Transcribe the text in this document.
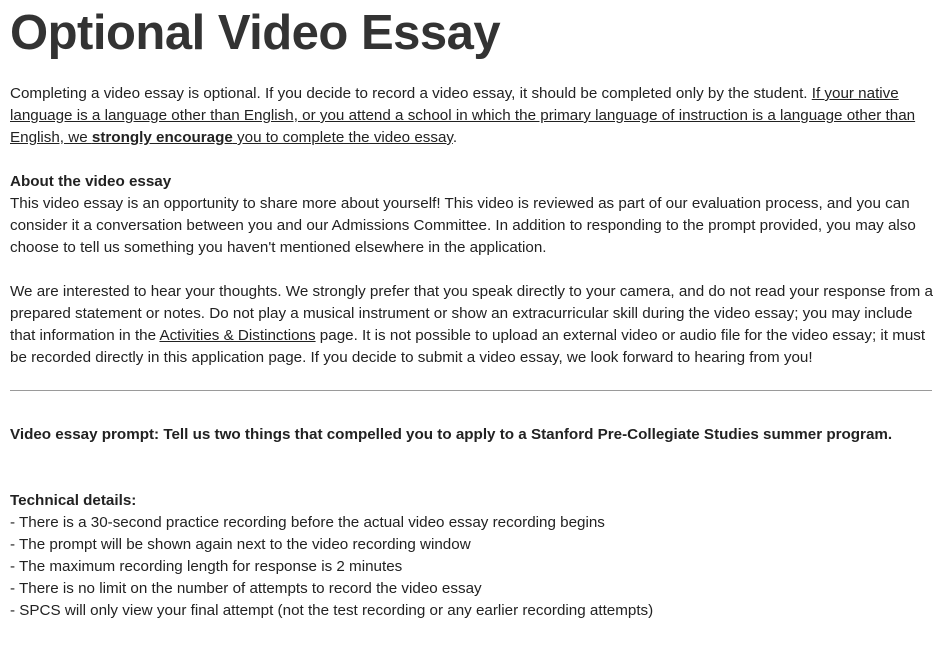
Optional Video Essay

Completing a video essay is optional. If you decide to record a video essay, it should be completed only by the student. If your native language is a language other than English, or you attend a school in which the primary language of instruction is a language other than English, we strongly encourage you to complete the video essay.

About the video essay
This video essay is an opportunity to share more about yourself! This video is reviewed as part of our evaluation process, and you can consider it a conversation between you and our Admissions Committee. In addition to responding to the prompt provided, you may also choose to tell us something you haven't mentioned elsewhere in the application.

We are interested to hear your thoughts. We strongly prefer that you speak directly to your camera, and do not read your response from a prepared statement or notes. Do not play a musical instrument or show an extracurricular skill during the video essay; you may include that information in the Activities & Distinctions page. It is not possible to upload an external video or audio file for the video essay; it must be recorded directly in this application page. If you decide to submit a video essay, we look forward to hearing from you!

Video essay prompt: Tell us two things that compelled you to apply to a Stanford Pre-Collegiate Studies summer program.

Technical details:

- There is a 30-second practice recording before the actual video essay recording begins
- The prompt will be shown again next to the video recording window
- The maximum recording length for response is 2 minutes
- There is no limit on the number of attempts to record the video essay
- SPCS will only view your final attempt (not the test recording or any earlier recording attempts)
